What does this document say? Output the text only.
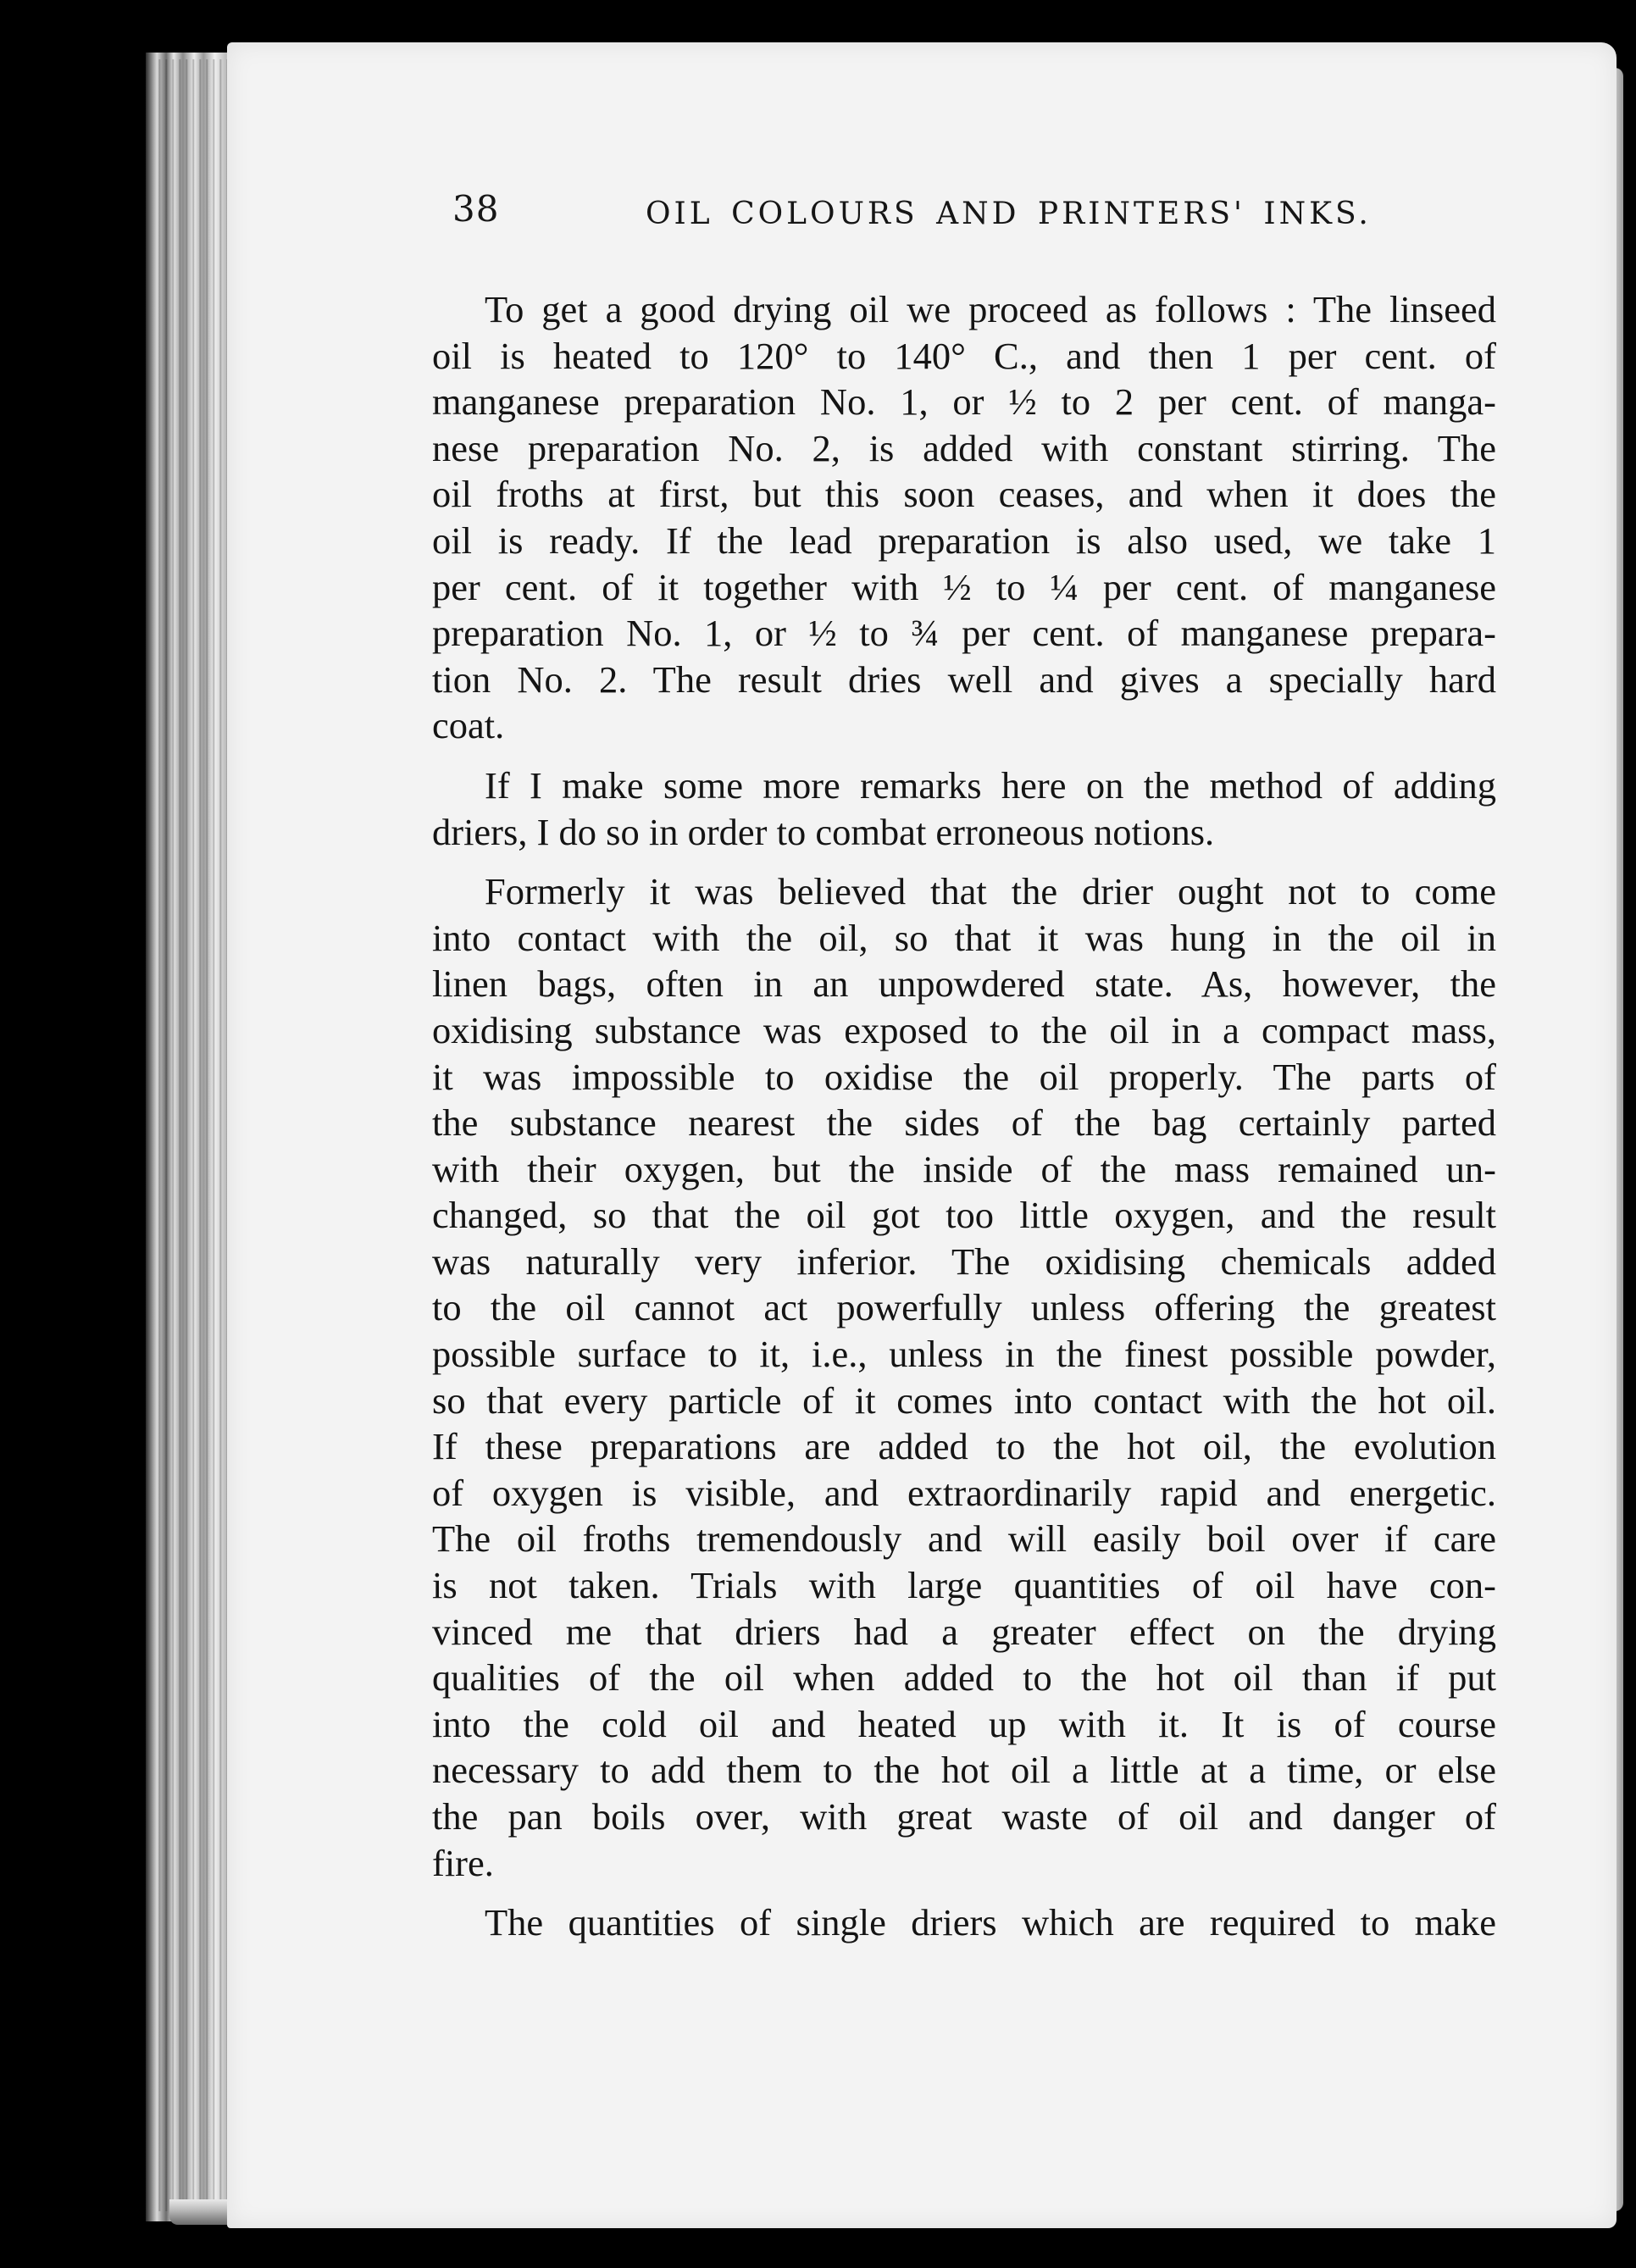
38	OIL COLOURS AND PRINTERS' INKS.
To get a good drying oil we proceed as follows : The linseed
oil is heated to 120° to 140° C., and then 1 per cent. of
manganese preparation No. 1, or ½ to 2 per cent. of manga-
nese preparation No. 2, is added with constant stirring. The
oil froths at first, but this soon ceases, and when it does the
oil is ready. If the lead preparation is also used, we take 1
per cent. of it together with ½ to ¼ per cent. of manganese
preparation No. 1, or ½ to ¾ per cent. of manganese prepara-
tion No. 2. The result dries well and gives a specially hard
coat.
If I make some more remarks here on the method of adding
driers, I do so in order to combat erroneous notions.
Formerly it was believed that the drier ought not to come
into contact with the oil, so that it was hung in the oil in
linen bags, often in an unpowdered state. As, however, the
oxidising substance was exposed to the oil in a compact mass,
it was impossible to oxidise the oil properly. The parts of
the substance nearest the sides of the bag certainly parted
with their oxygen, but the inside of the mass remained un-
changed, so that the oil got too little oxygen, and the result
was naturally very inferior. The oxidising chemicals added
to the oil cannot act powerfully unless offering the greatest
possible surface to it, i.e., unless in the finest possible powder,
so that every particle of it comes into contact with the hot oil.
If these preparations are added to the hot oil, the evolution
of oxygen is visible, and extraordinarily rapid and energetic.
The oil froths tremendously and will easily boil over if care
is not taken. Trials with large quantities of oil have con-
vinced me that driers had a greater effect on the drying
qualities of the oil when added to the hot oil than if put
into the cold oil and heated up with it. It is of course
necessary to add them to the hot oil a little at a time, or else
the pan boils over, with great waste of oil and danger of
fire.
The quantities of single driers which are required to make
